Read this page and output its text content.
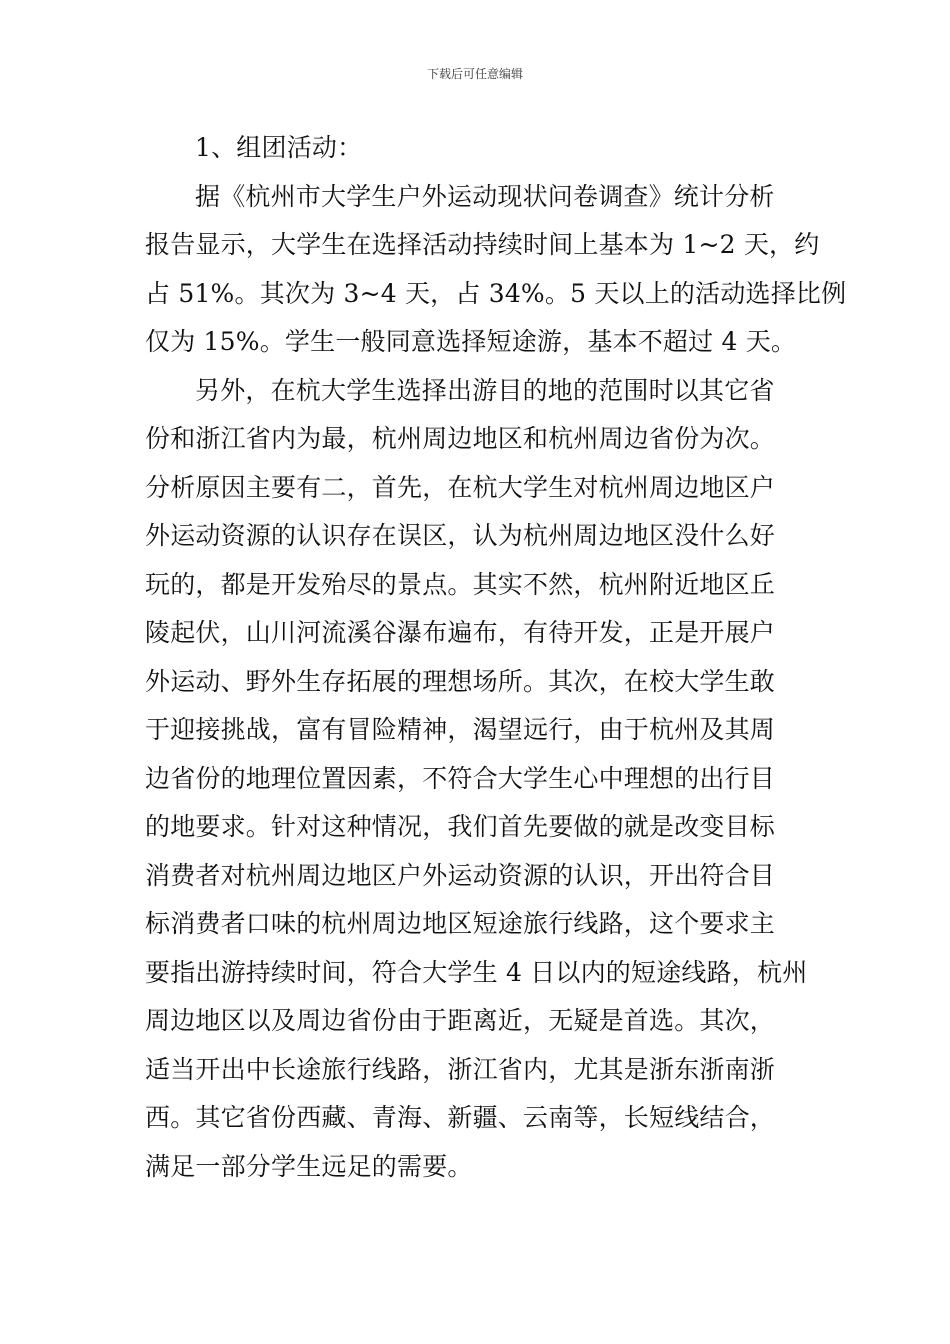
下载后可任意编辑
1、组团活动：
据《杭州市大学生户外运动现状问卷调查》统计分析
报告显示，大学生在选择活动持续时间上基本为 1~2 天，约
占 51%。其次为 3~4 天，占 34%。5 天以上的活动选择比例
仅为 15%。学生一般同意选择短途游，基本不超过 4 天。
另外，在杭大学生选择出游目的地的范围时以其它省
份和浙江省内为最，杭州周边地区和杭州周边省份为次。
分析原因主要有二，首先，在杭大学生对杭州周边地区户
外运动资源的认识存在误区，认为杭州周边地区没什么好
玩的，都是开发殆尽的景点。其实不然，杭州附近地区丘
陵起伏，山川河流溪谷瀑布遍布，有待开发，正是开展户
外运动、野外生存拓展的理想场所。其次，在校大学生敢
于迎接挑战，富有冒险精神，渴望远行，由于杭州及其周
边省份的地理位置因素，不符合大学生心中理想的出行目
的地要求。针对这种情况，我们首先要做的就是改变目标
消费者对杭州周边地区户外运动资源的认识，开出符合目
标消费者口味的杭州周边地区短途旅行线路，这个要求主
要指出游持续时间，符合大学生 4 日以内的短途线路，杭州
周边地区以及周边省份由于距离近，无疑是首选。其次，
适当开出中长途旅行线路，浙江省内，尤其是浙东浙南浙
西。其它省份西藏、青海、新疆、云南等，长短线结合，
满足一部分学生远足的需要。
